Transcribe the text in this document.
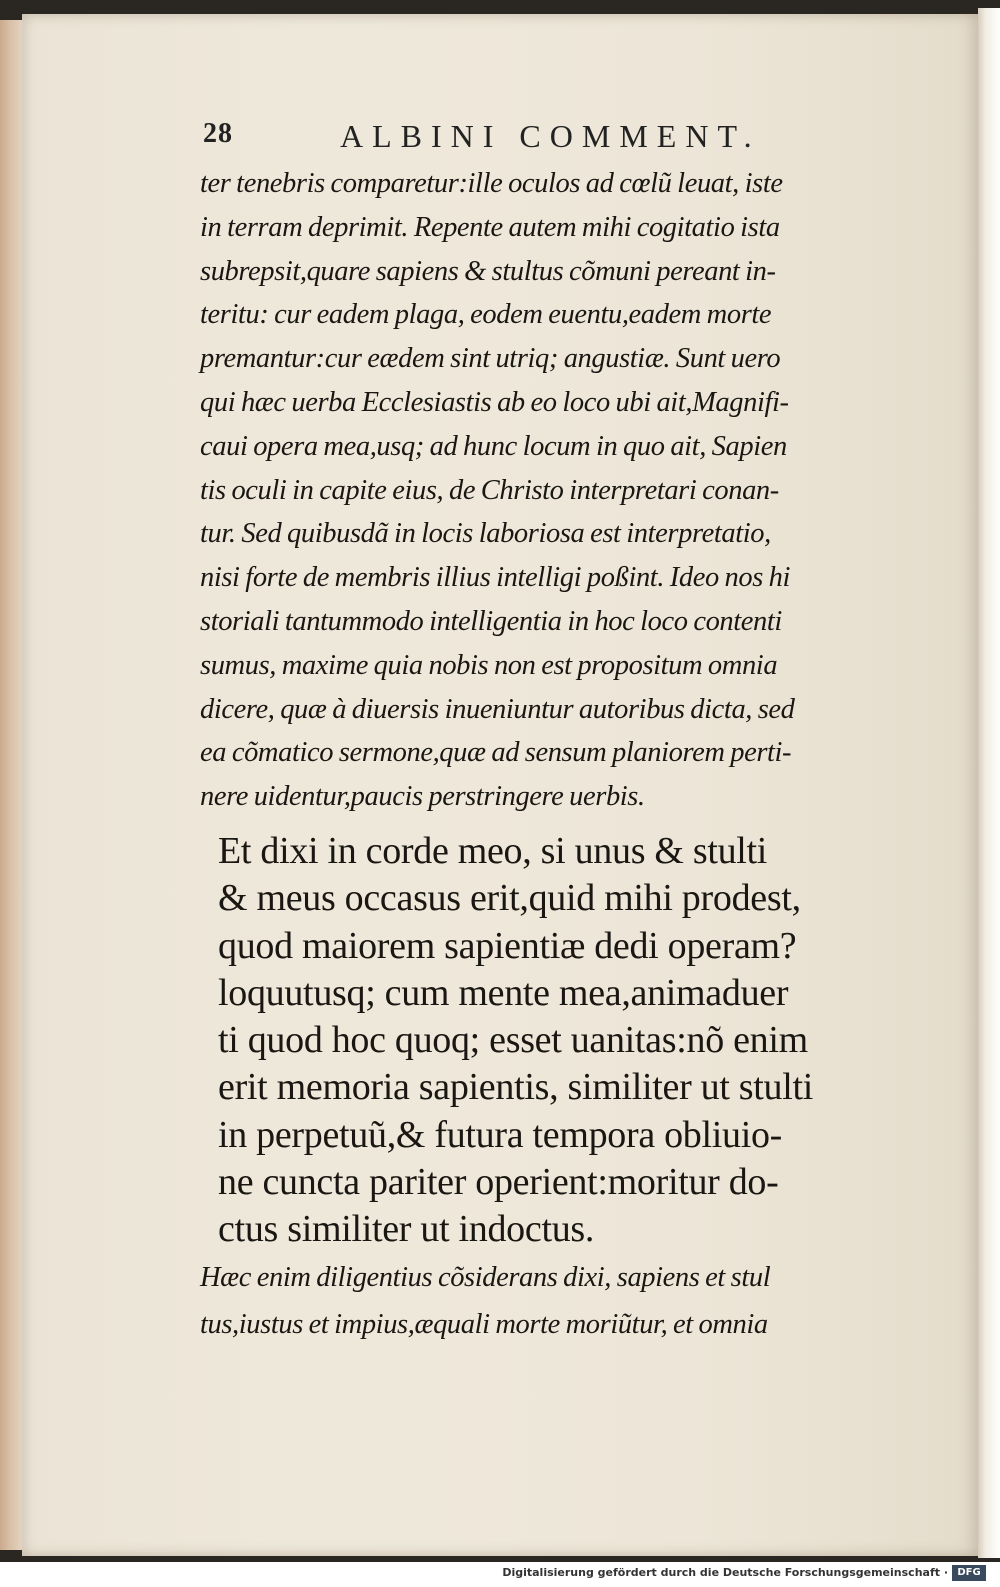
28	ALBINI COMMENT.
ter tenebris comparetur:ille oculos ad cœlũ leuat, iste
in terram deprimit. Repente autem mihi cogitatio ista
subrepsit,quare sapiens & stultus cõmuni pereant in-
teritu: cur eadem plaga, eodem euentu,eadem morte
premantur:cur eædem sint utriq; angustiæ. Sunt uero
qui hæc uerba Ecclesiastis ab eo loco ubi ait,Magnifi-
caui opera mea,usq; ad hunc locum in quo ait, Sapien
tis oculi in capite eius, de Christo interpretari conan-
tur. Sed quibusdã in locis laboriosa est interpretatio,
nisi forte de membris illius intelligi poßint. Ideo nos hi
storiali tantummodo intelligentia in hoc loco contenti
sumus, maxime quia nobis non est propositum omnia
dicere, quæ à diuersis inueniuntur autoribus dicta, sed
ea cõmatico sermone,quæ ad sensum planiorem perti-
nere uidentur,paucis perstringere uerbis.
Et dixi in corde meo, si unus & stulti
& meus occasus erit,quid mihi prodest,
quod maiorem sapientiæ dedi operam?
loquutusq; cum mente mea,animaduer
ti quod hoc quoq; esset uanitas:nõ enim
erit memoria sapientis, similiter ut stulti
in perpetuũ,& futura tempora obliuio-
ne cuncta pariter operient:moritur do-
ctus similiter ut indoctus.
Hæc enim diligentius cõsiderans dixi, sapiens et stul
tus,iustus et impius,æquali morte moriũtur, et omnia
Digitalisierung gefördert durch die Deutsche Forschungsgemeinschaft · DFG
